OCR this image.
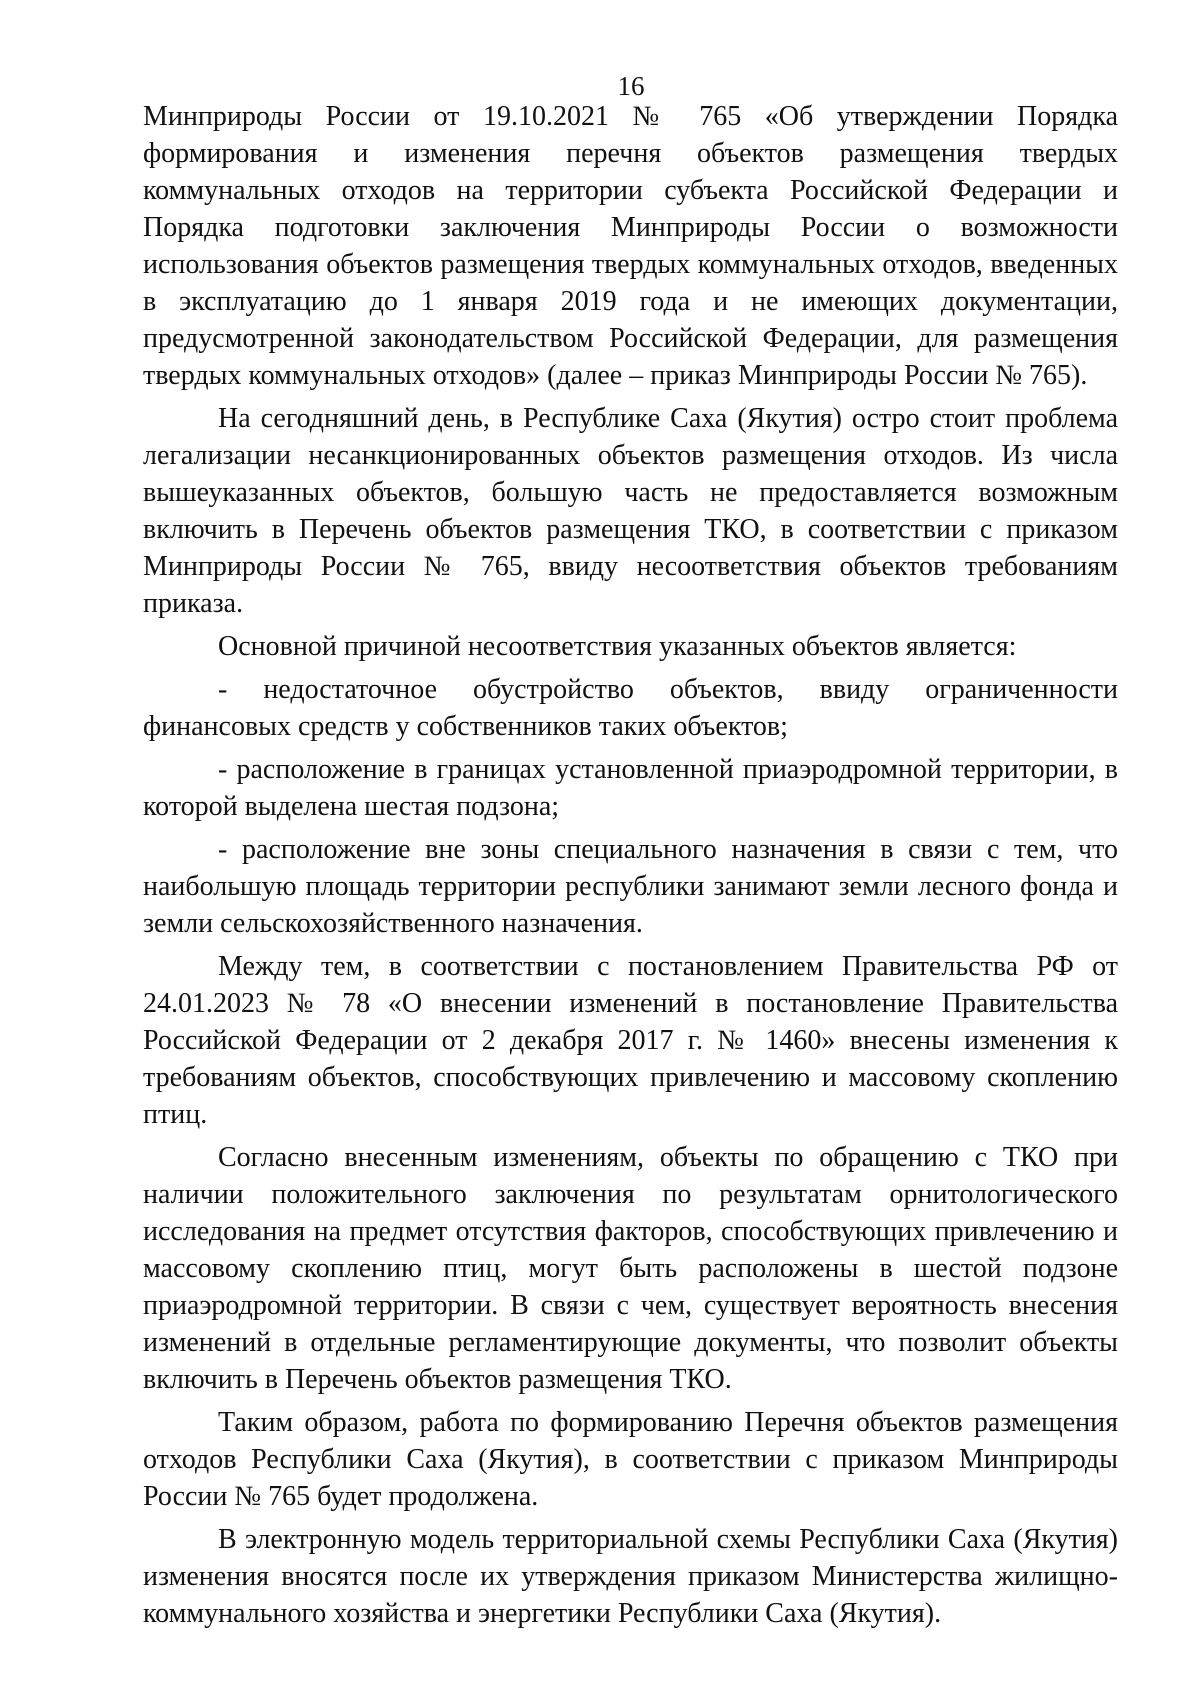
16

Минприроды России от 19.10.2021 № 765 «Об утверждении Порядка формирования и изменения перечня объектов размещения твердых коммунальных отходов на территории субъекта Российской Федерации и Порядка подготовки заключения Минприроды России о возможности использования объектов размещения твердых коммунальных отходов, введенных в эксплуатацию до 1 января 2019 года и не имеющих документации, предусмотренной законодательством Российской Федерации, для размещения твердых коммунальных отходов» (далее – приказ Минприроды России № 765).

На сегодняшний день, в Республике Саха (Якутия) остро стоит проблема легализации несанкционированных объектов размещения отходов. Из числа вышеуказанных объектов, большую часть не предоставляется возможным включить в Перечень объектов размещения ТКО, в соответствии с приказом Минприроды России № 765, ввиду несоответствия объектов требованиям приказа.

Основной причиной несоответствия указанных объектов является:

- недостаточное обустройство объектов, ввиду ограниченности финансовых средств у собственников таких объектов;

- расположение в границах установленной приаэродромной территории, в которой выделена шестая подзона;

- расположение вне зоны специального назначения в связи с тем, что наибольшую площадь территории республики занимают земли лесного фонда и земли сельскохозяйственного назначения.

Между тем, в соответствии с постановлением Правительства РФ от 24.01.2023 № 78 «О внесении изменений в постановление Правительства Российской Федерации от 2 декабря 2017 г. № 1460» внесены изменения к требованиям объектов, способствующих привлечению и массовому скоплению птиц.

Согласно внесенным изменениям, объекты по обращению с ТКО при наличии положительного заключения по результатам орнитологического исследования на предмет отсутствия факторов, способствующих привлечению и массовому скоплению птиц, могут быть расположены в шестой подзоне приаэродромной территории. В связи с чем, существует вероятность внесения изменений в отдельные регламентирующие документы, что позволит объекты включить в Перечень объектов размещения ТКО.

Таким образом, работа по формированию Перечня объектов размещения отходов Республики Саха (Якутия), в соответствии с приказом Минприроды России № 765 будет продолжена.

В электронную модель территориальной схемы Республики Саха (Якутия) изменения вносятся после их утверждения приказом Министерства жилищно-коммунального хозяйства и энергетики Республики Саха (Якутия).
